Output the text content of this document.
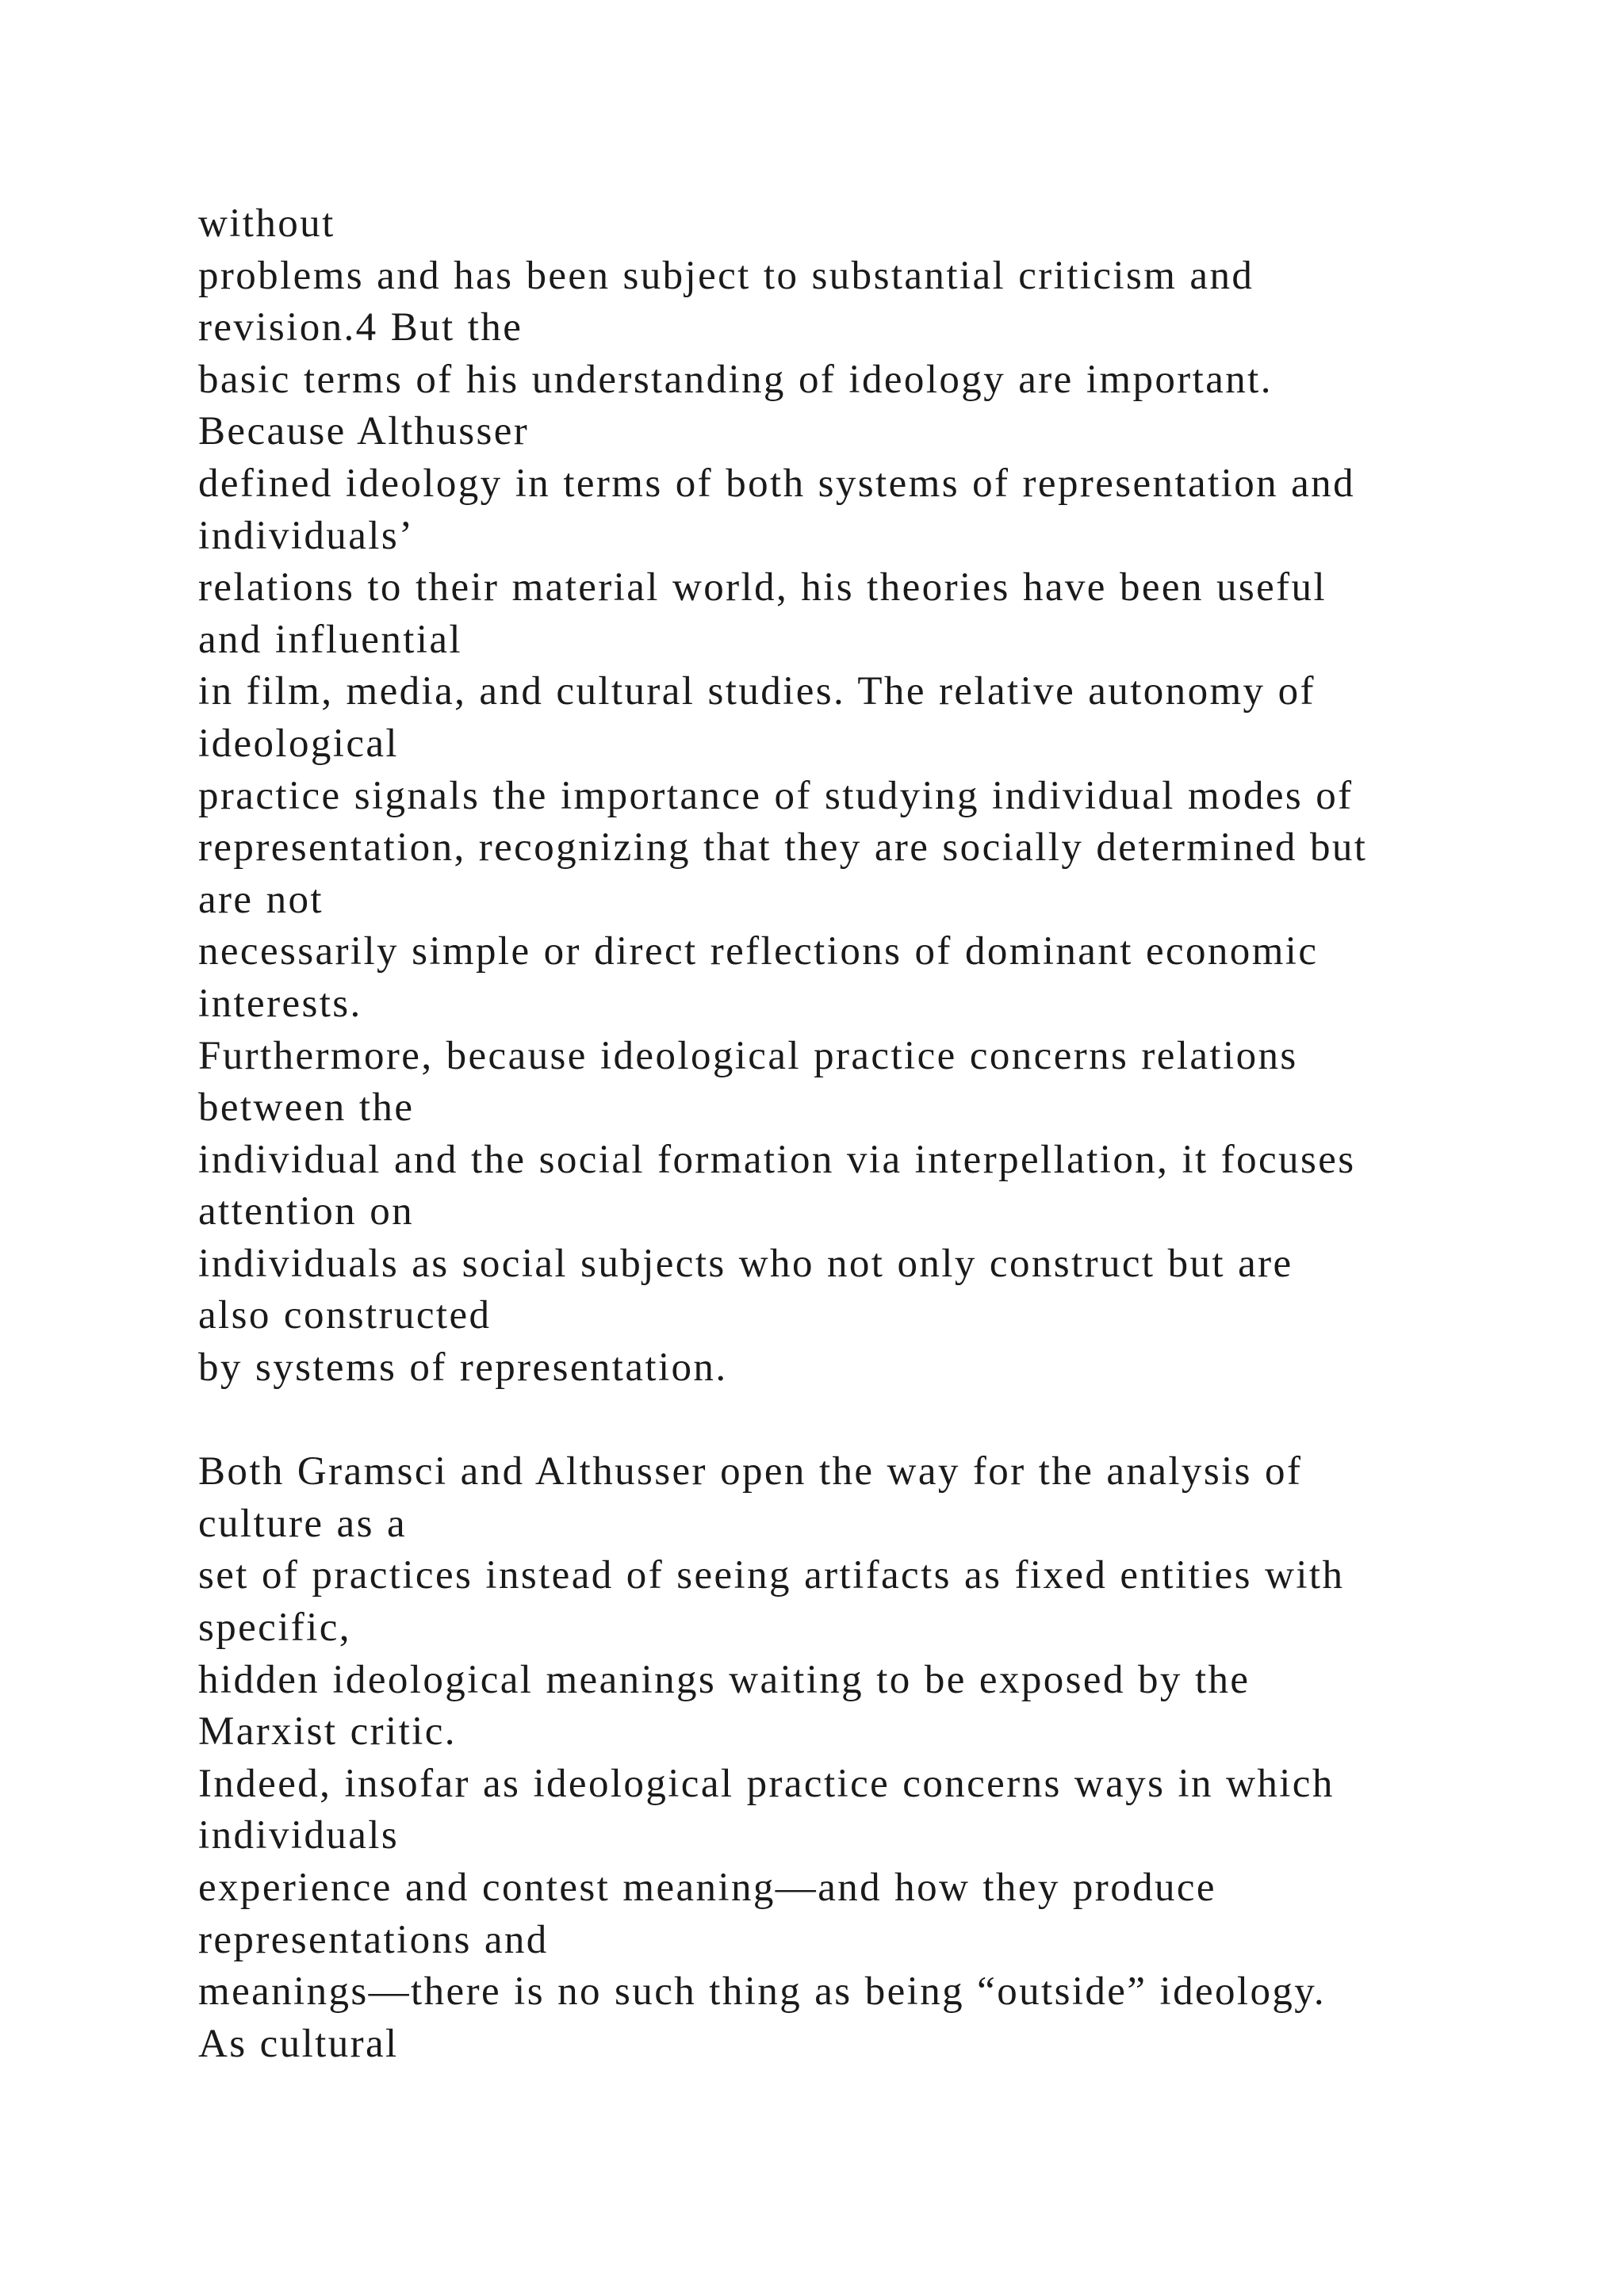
without
problems and has been subject to substantial criticism and
revision.4 But the
basic terms of his understanding of ideology are important.
Because Althusser
defined ideology in terms of both systems of representation and
individuals’
relations to their material world, his theories have been useful
and influential
in film, media, and cultural studies. The relative autonomy of
ideological
practice signals the importance of studying individual modes of
representation, recognizing that they are socially determined but
are not
necessarily simple or direct reflections of dominant economic
interests.
Furthermore, because ideological practice concerns relations
between the
individual and the social formation via interpellation, it focuses
attention on
individuals as social subjects who not only construct but are
also constructed
by systems of representation.
Both Gramsci and Althusser open the way for the analysis of
culture as a
set of practices instead of seeing artifacts as fixed entities with
specific,
hidden ideological meanings waiting to be exposed by the
Marxist critic.
Indeed, insofar as ideological practice concerns ways in which
individuals
experience and contest meaning—and how they produce
representations and
meanings—there is no such thing as being “outside” ideology.
As cultural
